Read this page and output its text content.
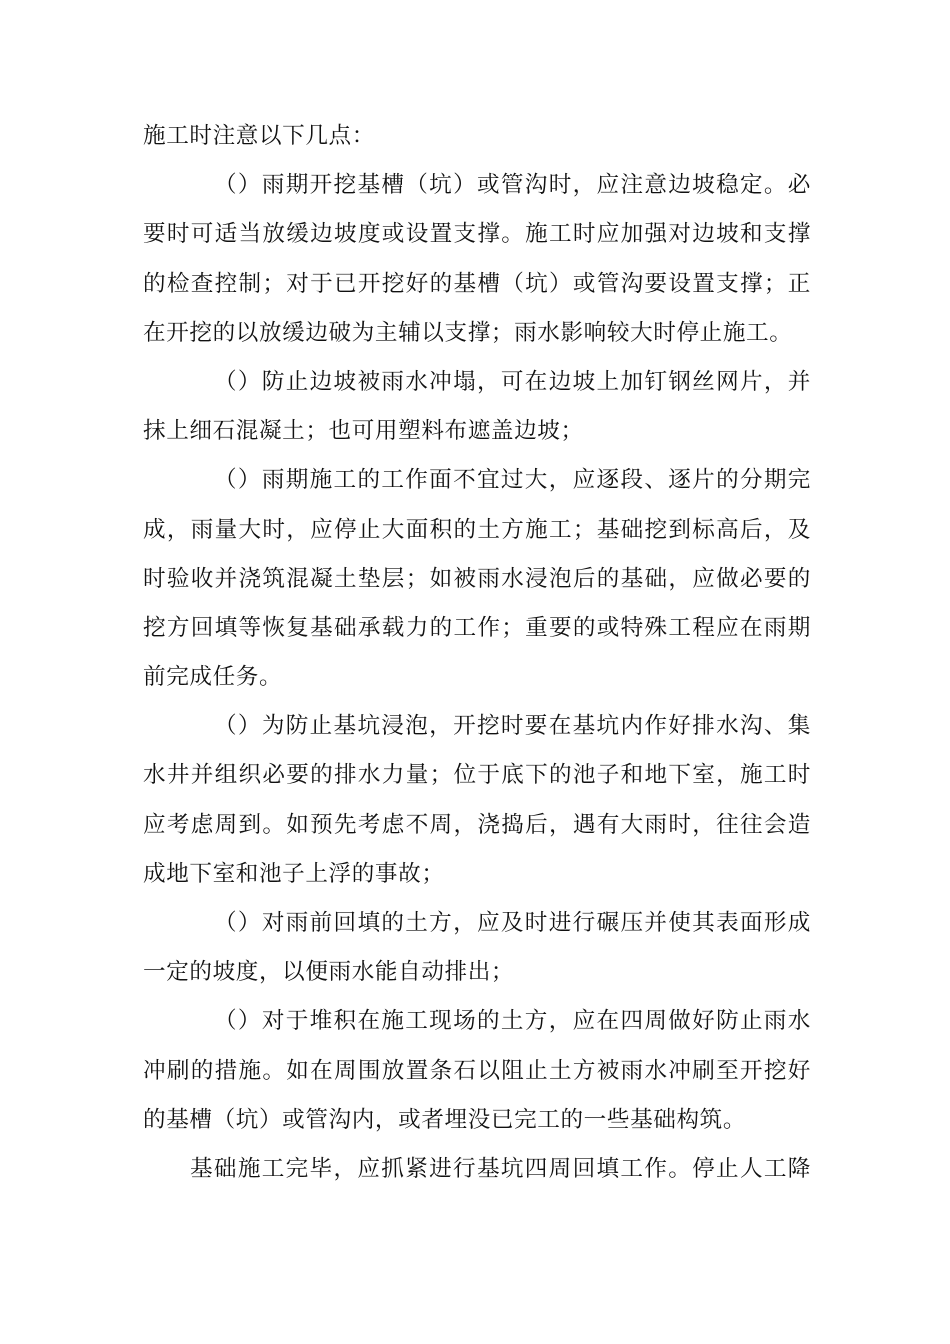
施工时注意以下几点：
（）雨期开挖基槽（坑）或管沟时，应注意边坡稳定。必
要时可适当放缓边坡度或设置支撑。施工时应加强对边坡和支撑
的检查控制；对于已开挖好的基槽（坑）或管沟要设置支撑；正
在开挖的以放缓边破为主辅以支撑；雨水影响较大时停止施工。
（）防止边坡被雨水冲塌，可在边坡上加钉钢丝网片，并
抹上细石混凝土；也可用塑料布遮盖边坡；
（）雨期施工的工作面不宜过大，应逐段、逐片的分期完
成，雨量大时，应停止大面积的土方施工；基础挖到标高后，及
时验收并浇筑混凝土垫层；如被雨水浸泡后的基础，应做必要的
挖方回填等恢复基础承载力的工作；重要的或特殊工程应在雨期
前完成任务。
（）为防止基坑浸泡，开挖时要在基坑内作好排水沟、集
水井并组织必要的排水力量；位于底下的池子和地下室，施工时
应考虑周到。如预先考虑不周，浇捣后，遇有大雨时，往往会造
成地下室和池子上浮的事故；
（）对雨前回填的土方，应及时进行碾压并使其表面形成
一定的坡度，以便雨水能自动排出；
（）对于堆积在施工现场的土方，应在四周做好防止雨水
冲刷的措施。如在周围放置条石以阻止土方被雨水冲刷至开挖好
的基槽（坑）或管沟内，或者埋没已完工的一些基础构筑。
基础施工完毕，应抓紧进行基坑四周回填工作。停止人工降
